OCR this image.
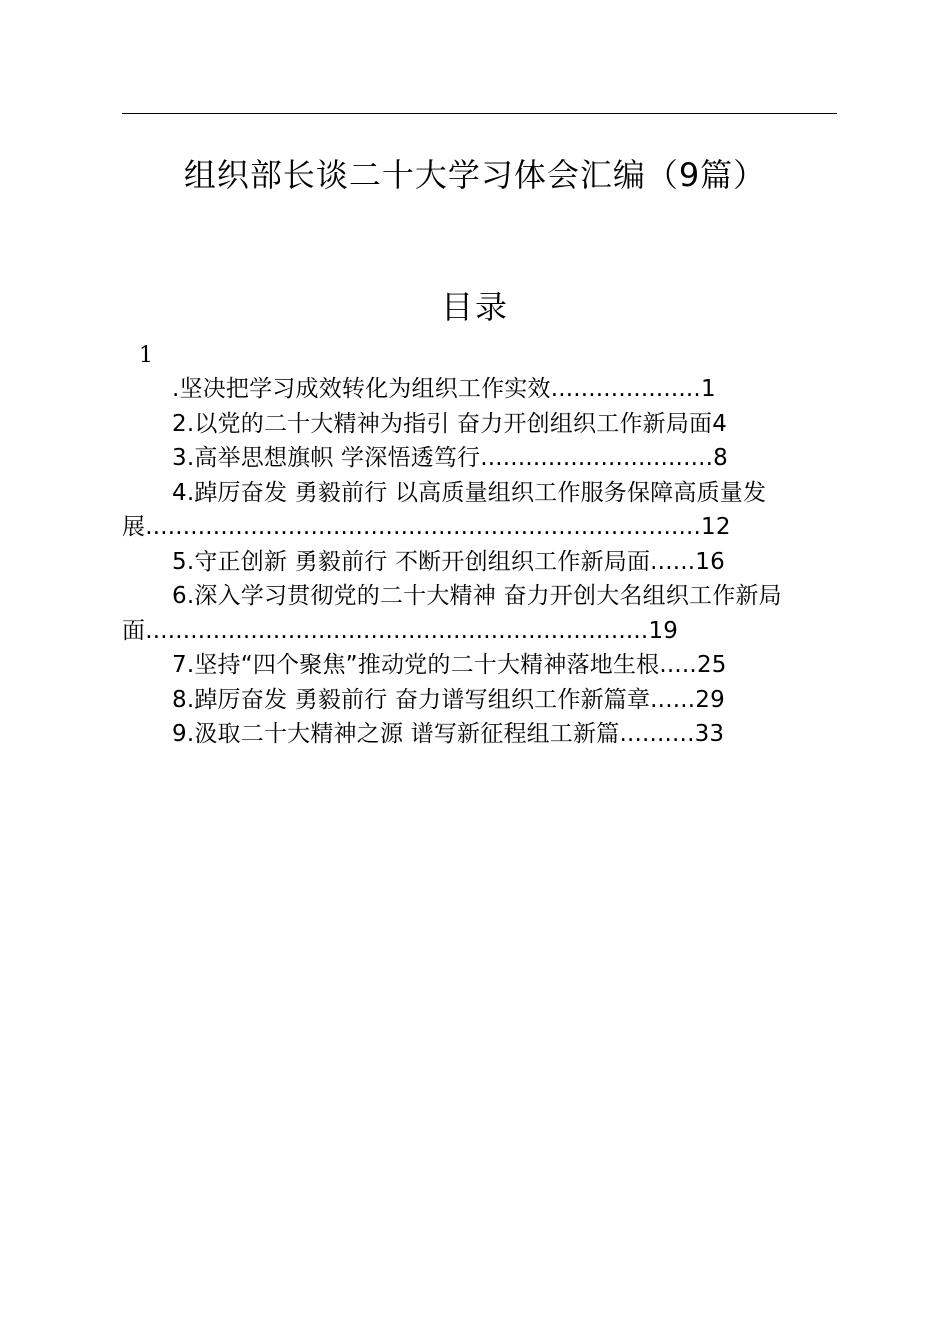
组织部长谈二十大学习体会汇编（9篇）
目录
1
.坚决把学习成效转化为组织工作实效....................1
2.以党的二十大精神为指引 奋力开创组织工作新局面4
3.高举思想旗帜 学深悟透笃行...............................8
4.踔厉奋发 勇毅前行 以高质量组织工作服务保障高质量发展..........................................................................12
5.守正创新 勇毅前行 不断开创组织工作新局面......16
6.深入学习贯彻党的二十大精神 奋力开创大名组织工作新局面...................................................................19
7.坚持“四个聚焦”推动党的二十大精神落地生根.....25
8.踔厉奋发 勇毅前行 奋力谱写组织工作新篇章......29
9.汲取二十大精神之源 谱写新征程组工新篇..........33
